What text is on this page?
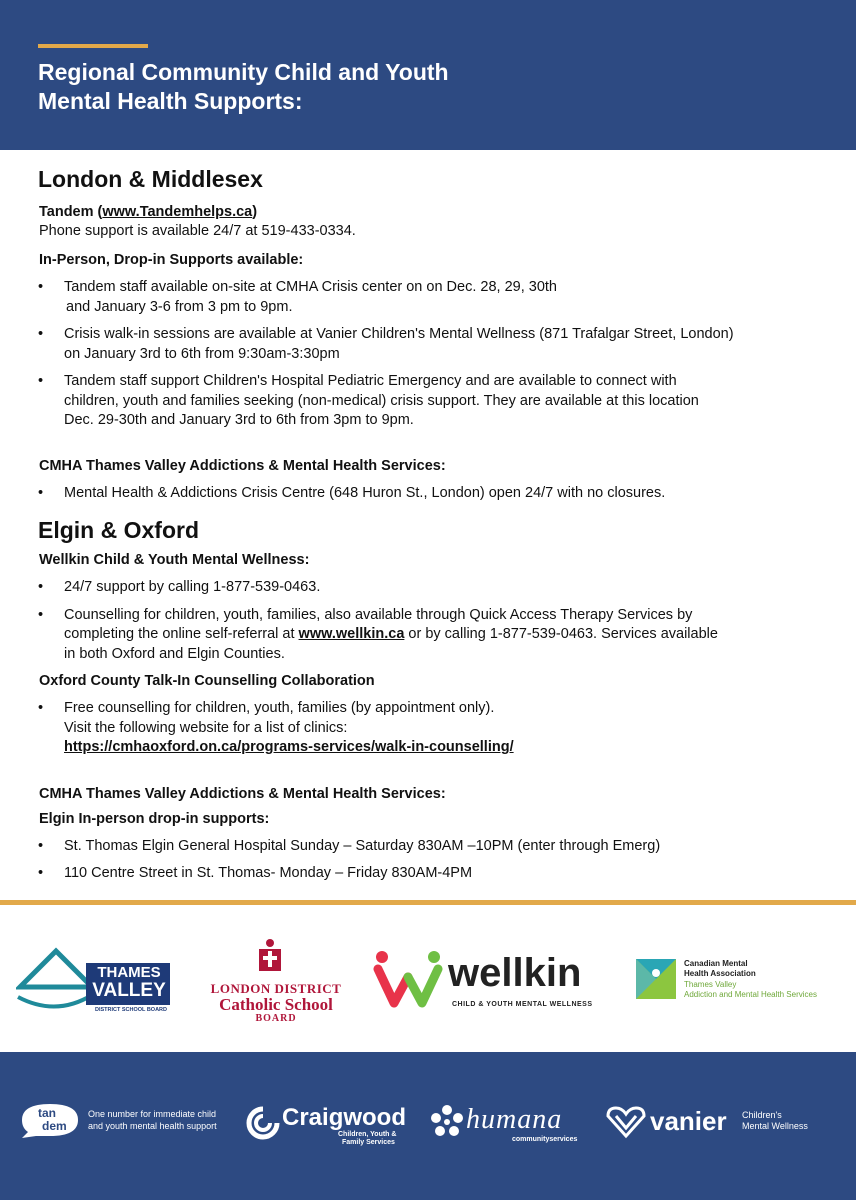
Regional Community Child and Youth
Mental Health Supports:
London & Middlesex
Tandem (www.Tandemhelps.ca)
Phone support is available 24/7 at 519-433-0334.
In-Person, Drop-in Supports available:
• Tandem staff available on-site at CMHA Crisis center on on Dec. 28, 29, 30th
and January 3-6 from 3 pm to 9pm.
• Crisis walk-in sessions are available at Vanier Children's Mental Wellness (871 Trafalgar Street, London)
on January 3rd to 6th from 9:30am-3:30pm
• Tandem staff support Children's Hospital Pediatric Emergency and are available to connect with
children, youth and families seeking (non-medical) crisis support. They are available at this location
Dec. 29-30th and January 3rd to 6th from 3pm to 9pm.
CMHA Thames Valley Addictions & Mental Health Services:
• Mental Health & Addictions Crisis Centre (648 Huron St., London) open 24/7 with no closures.
Elgin & Oxford
Wellkin Child & Youth Mental Wellness:
• 24/7 support by calling 1-877-539-0463.
• Counselling for children, youth, families, also available through Quick Access Therapy Services by
completing the online self-referral at www.wellkin.ca or by calling 1-877-539-0463. Services available
in both Oxford and Elgin Counties.
Oxford County Talk-In Counselling Collaboration
• Free counselling for children, youth, families (by appointment only).
Visit the following website for a list of clinics:
https://cmhaoxford.on.ca/programs-services/walk-in-counselling/
CMHA Thames Valley Addictions & Mental Health Services:
Elgin In-person drop-in supports:
• St. Thomas Elgin General Hospital Sunday – Saturday 830AM –10PM (enter through Emerg)
• 110 Centre Street in St. Thomas- Monday – Friday 830AM-4PM
THAMES
VALLEY
DISTRICT SCHOOL BOARD
LONDON DISTRICT
Catholic School
BOARD
wellkin
CHILD & YOUTH MENTAL WELLNESS
Canadian Mental
Health Association
Thames Valley
Addiction and Mental Health Services
tan
dem
One number for immediate child
and youth mental health support	Craigwood
Children, Youth &
Family Services
humana
communityservices
vanier Children's
Mental Wellness
